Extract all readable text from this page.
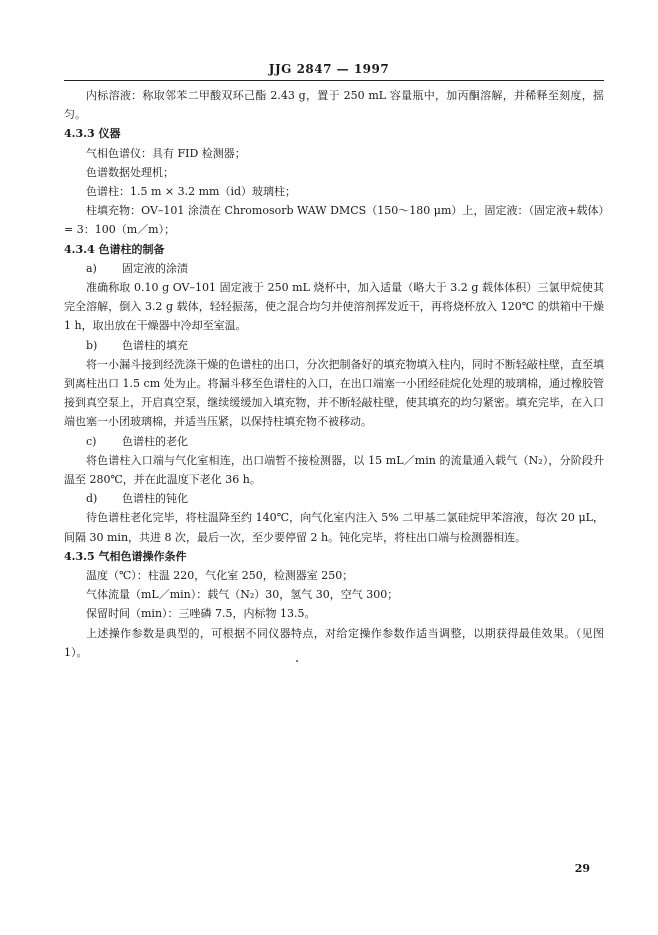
JJG 2847 — 1997

内标溶液：称取邻苯二甲酸双环己酯 2.43 g，置于 250 mL 容量瓶中，加丙酮溶解，并稀释至刻度，摇匀。

4.3.3 仪器

气相色谱仪：具有 FID 检测器；

色谱数据处理机；

色谱柱：1.5 m × 3.2 mm（id）玻璃柱；

柱填充物：OV–101 涂渍在 Chromosorb WAW DMCS（150～180 μm）上，固定液：（固定液+载体）= 3：100（m／m）；

4.3.4 色谱柱的制备

a) 固定液的涂渍

准确称取 0.10 g OV–101 固定液于 250 mL 烧杯中，加入适量（略大于 3.2 g 载体体积）三氯甲烷使其完全溶解，倒入 3.2 g 载体，轻轻振荡，使之混合均匀并使溶剂挥发近干，再将烧杯放入 120℃ 的烘箱中干燥 1 h，取出放在干燥器中冷却至室温。

b) 色谱柱的填充

将一小漏斗接到经洗涤干燥的色谱柱的出口，分次把制备好的填充物填入柱内，同时不断轻敲柱壁，直至填到离柱出口 1.5 cm 处为止。将漏斗移至色谱柱的入口，在出口端塞一小团经硅烷化处理的玻璃棉，通过橡胶管接到真空泵上，开启真空泵，继续缓缓加入填充物，并不断轻敲柱壁，使其填充的均匀紧密。填充完毕，在入口端也塞一小团玻璃棉，并适当压紧，以保持柱填充物不被移动。

c) 色谱柱的老化

将色谱柱入口端与气化室相连，出口端暂不接检测器，以 15 mL／min 的流量通入载气（N₂），分阶段升温至 280℃，并在此温度下老化 36 h。

d) 色谱柱的钝化

待色谱柱老化完毕，将柱温降至约 140℃，向气化室内注入 5% 二甲基二氯硅烷甲苯溶液，每次 20 μL，间隔 30 min，共进 8 次，最后一次，至少要停留 2 h。钝化完毕，将柱出口端与检测器相连。

4.3.5 气相色谱操作条件

温度（℃）：柱温 220，气化室 250，检测器室 250；

气体流量（mL／min）：载气（N₂）30，氢气 30，空气 300；

保留时间（min）：三唑磷 7.5，内标物 13.5。

上述操作参数是典型的，可根据不同仪器特点，对给定操作参数作适当调整，以期获得最佳效果。（见图 1）。

29
